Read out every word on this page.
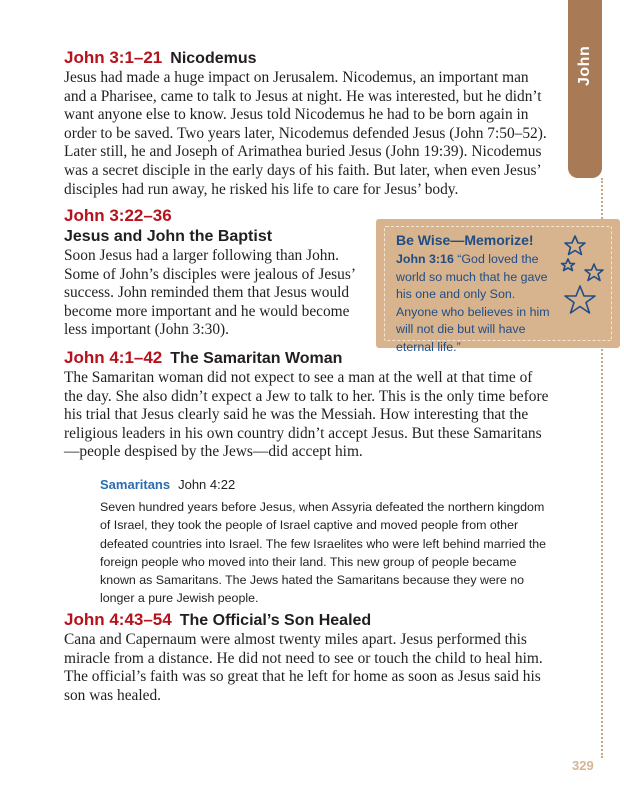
John

John 3:1–21 Nicodemus

Jesus had made a huge impact on Jerusalem. Nicodemus, an important man and a Pharisee, came to talk to Jesus at night. He was interested, but he didn’t want anyone else to know. Jesus told Nicodemus he had to be born again in order to be saved. Two years later, Nicodemus defended Jesus (John 7:50–52). Later still, he and Joseph of Arimathea buried Jesus (John 19:39). Nicodemus was a secret disciple in the early days of his faith. But later, when even Jesus’ disciples had run away, he risked his life to care for Jesus’ body.

John 3:22–36

Jesus and John the Baptist

Soon Jesus had a larger following than John. Some of John’s disciples were jealous of Jesus’ success. John reminded them that Jesus would become more important and he would become less important (John 3:30).

Be Wise—Memorize!

John 3:16 “God loved the world so much that he gave his one and only Son. Anyone who believes in him will not die but will have eternal life.”

John 4:1–42 The Samaritan Woman

The Samaritan woman did not expect to see a man at the well at that time of the day. She also didn’t expect a Jew to talk to her. This is the only time before his trial that Jesus clearly said he was the Messiah. How interesting that the religious leaders in his own country didn’t accept Jesus. But these Samaritans—people despised by the Jews—did accept him.

Samaritans John 4:22

Seven hundred years before Jesus, when Assyria defeated the northern kingdom of Israel, they took the people of Israel captive and moved people from other defeated countries into Israel. The few Israelites who were left behind married the foreign people who moved into their land. This new group of people became known as Samaritans. The Jews hated the Samaritans because they were no longer a pure Jewish people.

John 4:43–54 The Official’s Son Healed

Cana and Capernaum were almost twenty miles apart. Jesus performed this miracle from a distance. He did not need to see or touch the child to heal him. The official’s faith was so great that he left for home as soon as Jesus said his son was healed.

329
